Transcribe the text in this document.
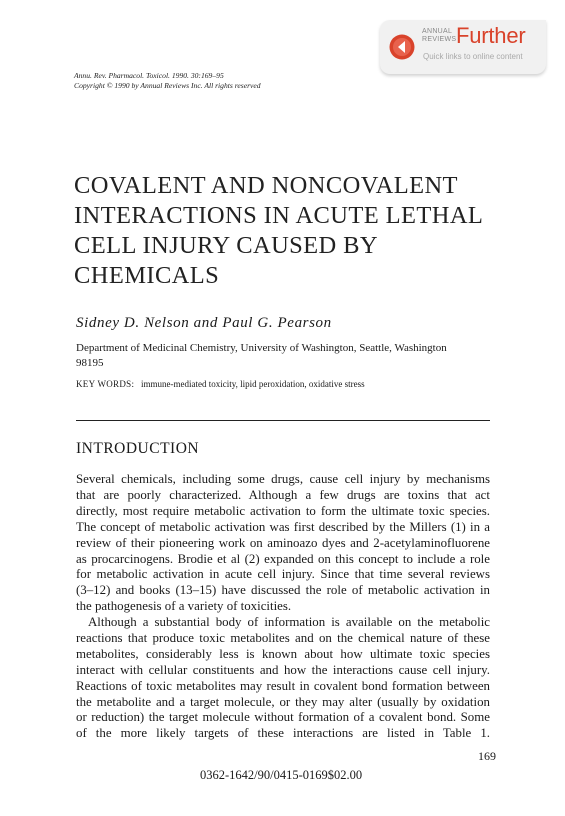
ANNUAL
REVIEWS Further
Quick links to online content
Annu. Rev. Pharmacol. Toxicol. 1990. 30:169–95
Copyright © 1990 by Annual Reviews Inc. All rights reserved
COVALENT AND NONCOVALENT
INTERACTIONS IN ACUTE LETHAL
CELL INJURY CAUSED BY
CHEMICALS
Sidney D. Nelson and Paul G. Pearson
Department of Medicinal Chemistry, University of Washington, Seattle, Washington
98195
KEY WORDS: immune-mediated toxicity, lipid peroxidation, oxidative stress
INTRODUCTION
Several chemicals, including some drugs, cause cell injury by mechanisms
that are poorly characterized. Although a few drugs are toxins that act
directly, most require metabolic activation to form the ultimate toxic species.
The concept of metabolic activation was first described by the Millers (1) in a
review of their pioneering work on aminoazo dyes and 2-acetylaminofluorene
as procarcinogens. Brodie et al (2) expanded on this concept to include a role
for metabolic activation in acute cell injury. Since that time several reviews
(3–12) and books (13–15) have discussed the role of metabolic activation in
the pathogenesis of a variety of toxicities.
Although a substantial body of information is available on the metabolic
reactions that produce toxic metabolites and on the chemical nature of these
metabolites, considerably less is known about how ultimate toxic species
interact with cellular constituents and how the interactions cause cell injury.
Reactions of toxic metabolites may result in covalent bond formation between
the metabolite and a target molecule, or they may alter (usually by oxidation
or reduction) the target molecule without formation of a covalent bond. Some
of the more likely targets of these interactions are listed in Table 1.
169
0362-1642/90/0415-0169$02.00
